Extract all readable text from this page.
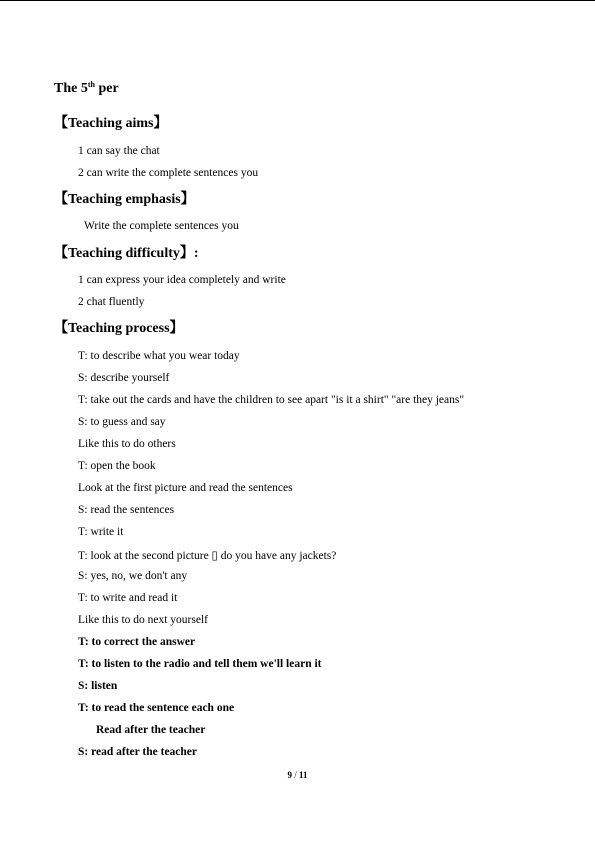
The 5th per
【Teaching aims】
1 can say the chat
2 can write the complete sentences you
【Teaching emphasis】
Write the complete sentences you
【Teaching difficulty】:
1 can express your idea completely and write
2 chat fluently
【Teaching process】
T: to describe what you wear today
S: describe yourself
T: take out the cards and have the children to see apart "is it a shirt" "are they jeans"
S: to guess and say
Like this to do others
T: open the book
Look at the first picture and read the sentences
S: read the sentences
T: write it
T: look at the second picture ▯ do you have any jackets?
S: yes, no, we don't any
T: to write and read it
Like this to do next yourself
T: to correct the answer
T: to listen to the radio and tell them we'll learn it
S: listen
T: to read the sentence each one
Read after the teacher
S: read after the teacher
9 / 11
